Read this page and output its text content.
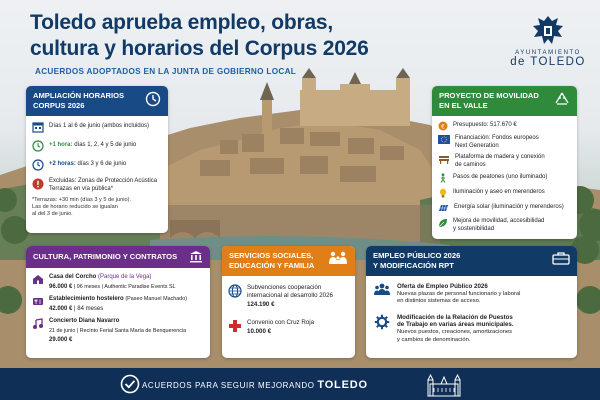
Toledo aprueba empleo, obras,
cultura y horarios del Corpus 2026
ACUERDOS ADOPTADOS EN LA JUNTA DE GOBIERNO LOCAL
AYUNTAMIENTO
de TOLEDO
AMPLIACIÓN HORARIOS
CORPUS 2026
Días 1 al 6 de junio (ambos incluidos)
+1 hora: días 1, 2, 4 y 5 de junio
+2 horas: días 3 y 6 de junio
Excluidas: Zonas de Protección Acústica
Terrazas en vía pública*
*Terrazas: +30 min (días 3 y 5 de junio).
Las de horario reducido se igualan
al del 3 de junio.
PROYECTO DE MOVILIDAD
EN EL VALLE
€ Presupuesto: 517.670 €
Financiación: Fondos europeos
Next Generation
Plataforma de madera y conexión
de caminos
Pasos de peatones (uno iluminado)
Iluminación y aseo en merenderos
Energía solar (iluminación y merenderos)
Mejora de movilidad, accesibilidad
y sostenibilidad
CULTURA, PATRIMONIO Y CONTRATOS
Casa del Corcho (Parque de la Vega)
96.000 € | 96 meses | Authentic Paradise Events SL
Establecimiento hostelero (Paseo Manuel Machado)
42.000 € | 84 meses
Concierto Diana Navarro
21 de junio | Recinto Ferial Santa María de Benquerencia
29.000 €
SERVICIOS SOCIALES,
EDUCACIÓN Y FAMILIA
Subvenciones cooperación
internacional al desarrollo 2026
124.190 €
Convenio con Cruz Roja
10.000 €
EMPLEO PÚBLICO 2026
Y MODIFICACIÓN RPT
Oferta de Empleo Público 2026
Nuevas plazas de personal funcionario y laboral
en distintos sistemas de acceso.
Modificación de la Relación de Puestos
de Trabajo en varias áreas municipales.
Nuevos puestos, creaciones, amortizaciones
y cambios de denominación.
ACUERDOS PARA SEGUIR MEJORANDO TOLEDO
